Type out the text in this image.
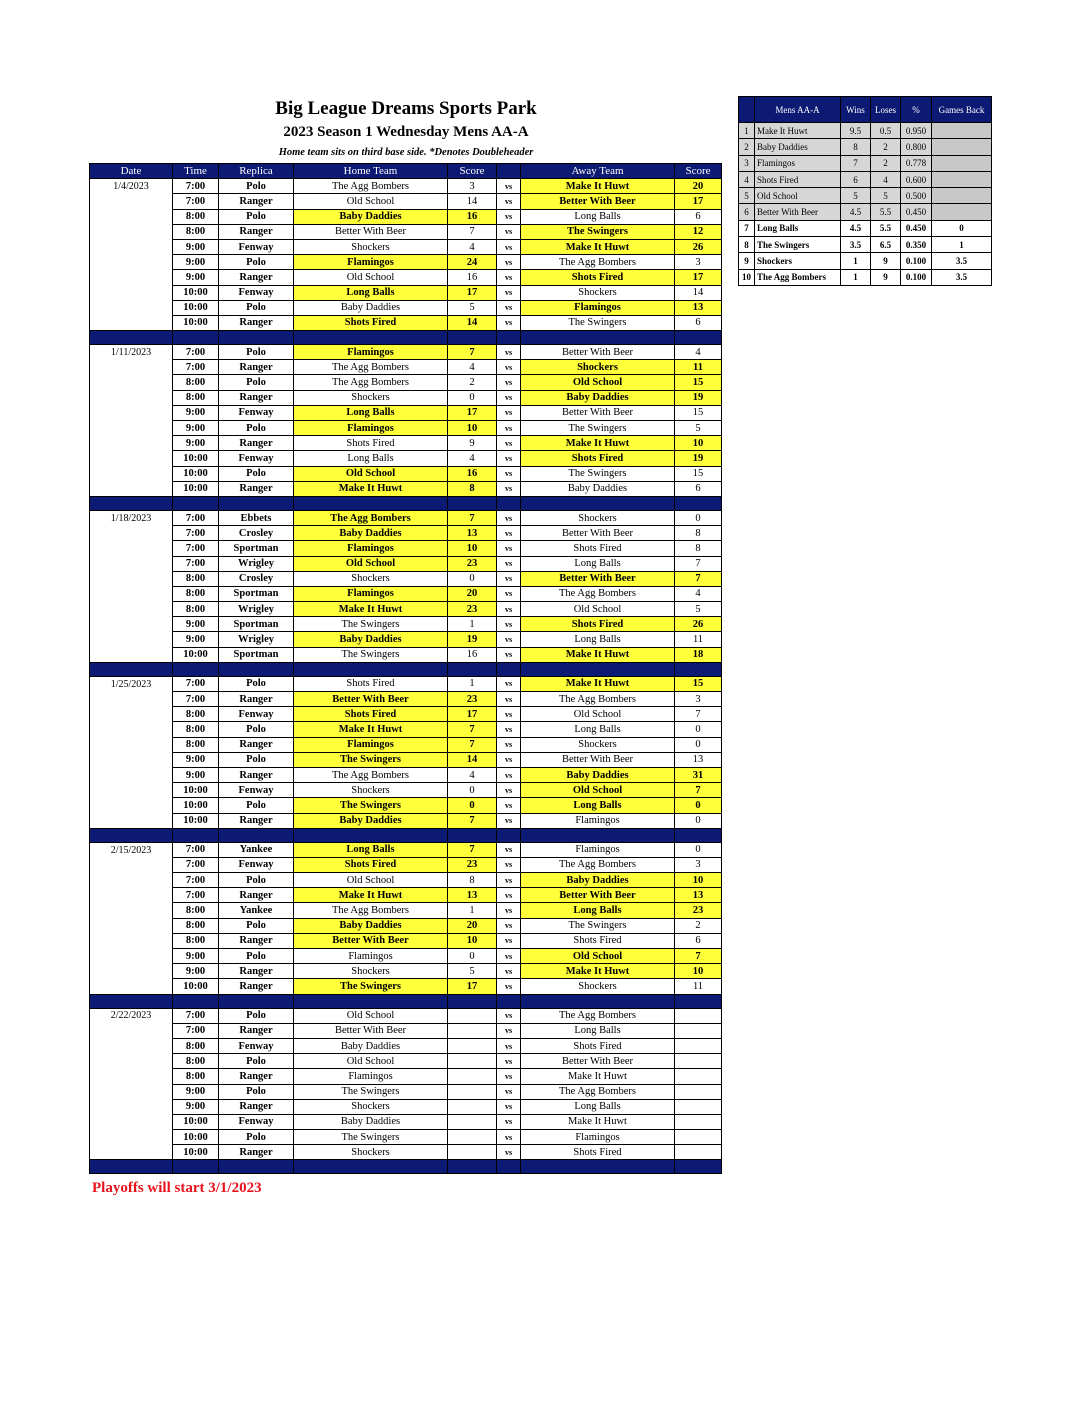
Big League Dreams Sports Park
2023 Season 1 Wednesday Mens AA-A
Home team sits on third base side. *Denotes Doubleheader
Date	Time	Replica	Home Team	Score		Away Team	Score
1/4/2023	7:00	Polo	The Agg Bombers	3	vs	Make It Huwt	20
	7:00	Ranger	Old School	14	vs	Better With Beer	17
	8:00	Polo	Baby Daddies	16	vs	Long Balls	6
	8:00	Ranger	Better With Beer	7	vs	The Swingers	12
	9:00	Fenway	Shockers	4	vs	Make It Huwt	26
	9:00	Polo	Flamingos	24	vs	The Agg Bombers	3
	9:00	Ranger	Old School	16	vs	Shots Fired	17
	10:00	Fenway	Long Balls	17	vs	Shockers	14
	10:00	Polo	Baby Daddies	5	vs	Flamingos	13
	10:00	Ranger	Shots Fired	14	vs	The Swingers	6

1/11/2023	7:00	Polo	Flamingos	7	vs	Better With Beer	4
	7:00	Ranger	The Agg Bombers	4	vs	Shockers	11
	8:00	Polo	The Agg Bombers	2	vs	Old School	15
	8:00	Ranger	Shockers	0	vs	Baby Daddies	19
	9:00	Fenway	Long Balls	17	vs	Better With Beer	15
	9:00	Polo	Flamingos	10	vs	The Swingers	5
	9:00	Ranger	Shots Fired	9	vs	Make It Huwt	10
	10:00	Fenway	Long Balls	4	vs	Shots Fired	19
	10:00	Polo	Old School	16	vs	The Swingers	15
	10:00	Ranger	Make It Huwt	8	vs	Baby Daddies	6

1/18/2023	7:00	Ebbets	The Agg Bombers	7	vs	Shockers	0
	7:00	Crosley	Baby Daddies	13	vs	Better With Beer	8
	7:00	Sportman	Flamingos	10	vs	Shots Fired	8
	7:00	Wrigley	Old School	23	vs	Long Balls	7
	8:00	Crosley	Shockers	0	vs	Better With Beer	7
	8:00	Sportman	Flamingos	20	vs	The Agg Bombers	4
	8:00	Wrigley	Make It Huwt	23	vs	Old School	5
	9:00	Sportman	The Swingers	1	vs	Shots Fired	26
	9:00	Wrigley	Baby Daddies	19	vs	Long Balls	11
	10:00	Sportman	The Swingers	16	vs	Make It Huwt	18

1/25/2023	7:00	Polo	Shots Fired	1	vs	Make It Huwt	15
	7:00	Ranger	Better With Beer	23	vs	The Agg Bombers	3
	8:00	Fenway	Shots Fired	17	vs	Old School	7
	8:00	Polo	Make It Huwt	7	vs	Long Balls	0
	8:00	Ranger	Flamingos	7	vs	Shockers	0
	9:00	Polo	The Swingers	14	vs	Better With Beer	13
	9:00	Ranger	The Agg Bombers	4	vs	Baby Daddies	31
	10:00	Fenway	Shockers	0	vs	Old School	7
	10:00	Polo	The Swingers	0	vs	Long Balls	0
	10:00	Ranger	Baby Daddies	7	vs	Flamingos	0

2/15/2023	7:00	Yankee	Long Balls	7	vs	Flamingos	0
	7:00	Fenway	Shots Fired	23	vs	The Agg Bombers	3
	7:00	Polo	Old School	8	vs	Baby Daddies	10
	7:00	Ranger	Make It Huwt	13	vs	Better With Beer	13
	8:00	Yankee	The Agg Bombers	1	vs	Long Balls	23
	8:00	Polo	Baby Daddies	20	vs	The Swingers	2
	8:00	Ranger	Better With Beer	10	vs	Shots Fired	6
	9:00	Polo	Flamingos	0	vs	Old School	7
	9:00	Ranger	Shockers	5	vs	Make It Huwt	10
	10:00	Ranger	The Swingers	17	vs	Shockers	11

2/22/2023	7:00	Polo	Old School		vs	The Agg Bombers	
	7:00	Ranger	Better With Beer		vs	Long Balls	
	8:00	Fenway	Baby Daddies		vs	Shots Fired	
	8:00	Polo	Old School		vs	Better With Beer	
	8:00	Ranger	Flamingos		vs	Make It Huwt	
	9:00	Polo	The Swingers		vs	The Agg Bombers	
	9:00	Ranger	Shockers		vs	Long Balls	
	10:00	Fenway	Baby Daddies		vs	Make It Huwt	
	10:00	Polo	The Swingers		vs	Flamingos	
	10:00	Ranger	Shockers		vs	Shots Fired	

	Mens AA-A	Wins	Loses	%	Games Back
1	Make It Huwt	9.5	0.5	0.950	
2	Baby Daddies	8	2	0.800	
3	Flamingos	7	2	0.778	
4	Shots Fired	6	4	0.600	
5	Old School	5	5	0.500	
6	Better With Beer	4.5	5.5	0.450	
7	Long Balls	4.5	5.5	0.450	0
8	The Swingers	3.5	6.5	0.350	1
9	Shockers	1	9	0.100	3.5
10	The Agg Bombers	1	9	0.100	3.5
Playoffs will start 3/1/2023
